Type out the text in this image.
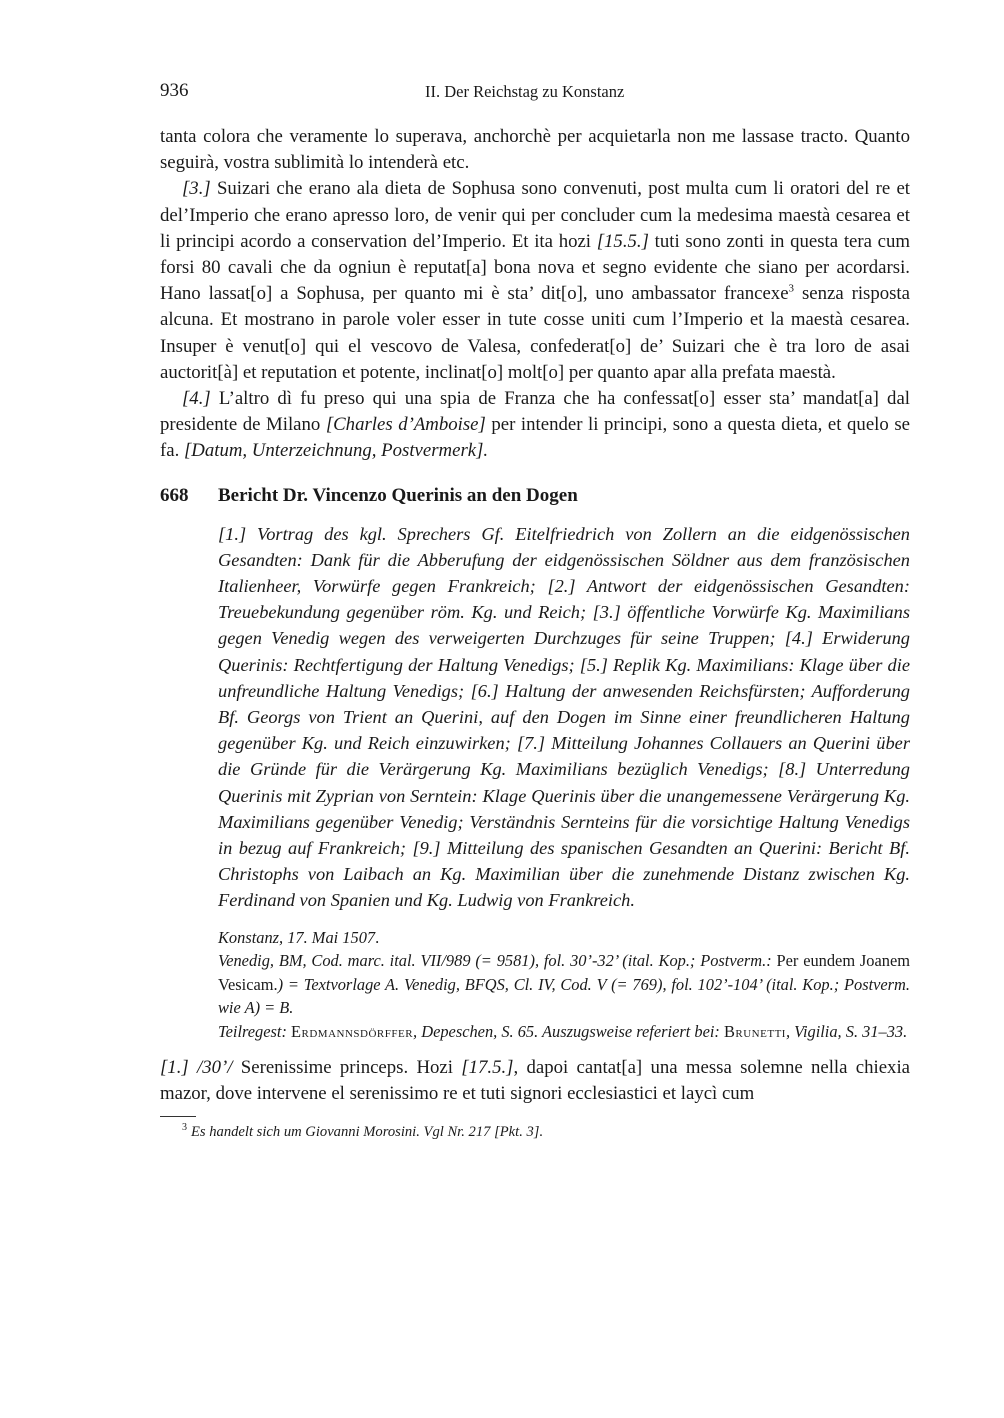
936	II. Der Reichstag zu Konstanz

tanta colora che veramente lo superava, anchorchè per acquietarla non me lassase tracto. Quanto seguirà, vostra sublimità lo intenderà etc.

[3.] Suizari che erano ala dieta de Sophusa sono convenuti, post multa cum li oratori del re et del’Imperio che erano apresso loro, de venir qui per concluder cum la medesima maestà cesarea et li principi acordo a conservation del’Imperio. Et ita hozi [15.5.] tuti sono zonti in questa tera cum forsi 80 cavali che da ogniun è reputat[a] bona nova et segno evidente che siano per acordarsi. Hano lassat[o] a Sophusa, per quanto mi è sta’ dit[o], uno ambassator francexe$^3$ senza risposta alcuna. Et mostrano in parole voler esser in tute cosse uniti cum l’Imperio et la maestà cesarea. Insuper è venut[o] qui el vescovo de Valesa, confederat[o] de’ Suizari che è tra loro de asai auctorit[à] et reputation et potente, inclinat[o] molt[o] per quanto apar alla prefata maestà.

[4.] L’altro dì fu preso qui una spia de Franza che ha confessat[o] esser sta’ mandat[a] dal presidente de Milano [Charles d’Amboise] per intender li principi, sono a questa dieta, et quelo se fa. [Datum, Unterzeichnung, Postvermerk].

668	Bericht Dr. Vincenzo Querinis an den Dogen
[1.] Vortrag des kgl. Sprechers Gf. Eitelfriedrich von Zollern an die eidgenössischen Gesandten: Dank für die Abberufung der eidgenössischen Söldner aus dem französischen Italienheer, Vorwürfe gegen Frankreich; [2.] Antwort der eidgenössischen Gesandten: Treuebekundung gegenüber röm. Kg. und Reich; [3.] öffentliche Vorwürfe Kg. Maximilians gegen Venedig wegen des verweigerten Durchzuges für seine Truppen; [4.] Erwiderung Querinis: Rechtfertigung der Haltung Venedigs; [5.] Replik Kg. Maximilians: Klage über die unfreundliche Haltung Venedigs; [6.] Haltung der anwesenden Reichsfürsten; Aufforderung Bf. Georgs von Trient an Querini, auf den Dogen im Sinne einer freundlicheren Haltung gegenüber Kg. und Reich einzuwirken; [7.] Mitteilung Johannes Collauers an Querini über die Gründe für die Verärgerung Kg. Maximilians bezüglich Venedigs; [8.] Unterredung Querinis mit Zyprian von Serntein: Klage Querinis über die unangemessene Verärgerung Kg. Maximilians gegenüber Venedig; Verständnis Sernteins für die vorsichtige Haltung Venedigs in bezug auf Frankreich; [9.] Mitteilung des spanischen Gesandten an Querini: Bericht Bf. Christophs von Laibach an Kg. Maximilian über die zunehmende Distanz zwischen Kg. Ferdinand von Spanien und Kg. Ludwig von Frankreich.

Konstanz, 17. Mai 1507.

Venedig, BM, Cod. marc. ital. VII/989 (= 9581), fol. 30’-32’ (ital. Kop.; Postverm.: Per eundem Joanem Vesicam.) = Textvorlage A. Venedig, BFQS, Cl. IV, Cod. V (= 769), fol. 102’-104’ (ital. Kop.; Postverm. wie A) = B.

Teilregest: Erdmannsdörffer, Depeschen, S. 65. Auszugsweise referiert bei: Brunetti, Vigilia, S. 31–33.

[1.] /30’/ Serenissime princeps. Hozi [17.5.], dapoi cantat[a] una messa solemne nella chiexia mazor, dove intervene el serenissimo re et tuti signori ecclesiastici et laycì cum
$^3$ Es handelt sich um Giovanni Morosini. Vgl Nr. 217 [Pkt. 3].
